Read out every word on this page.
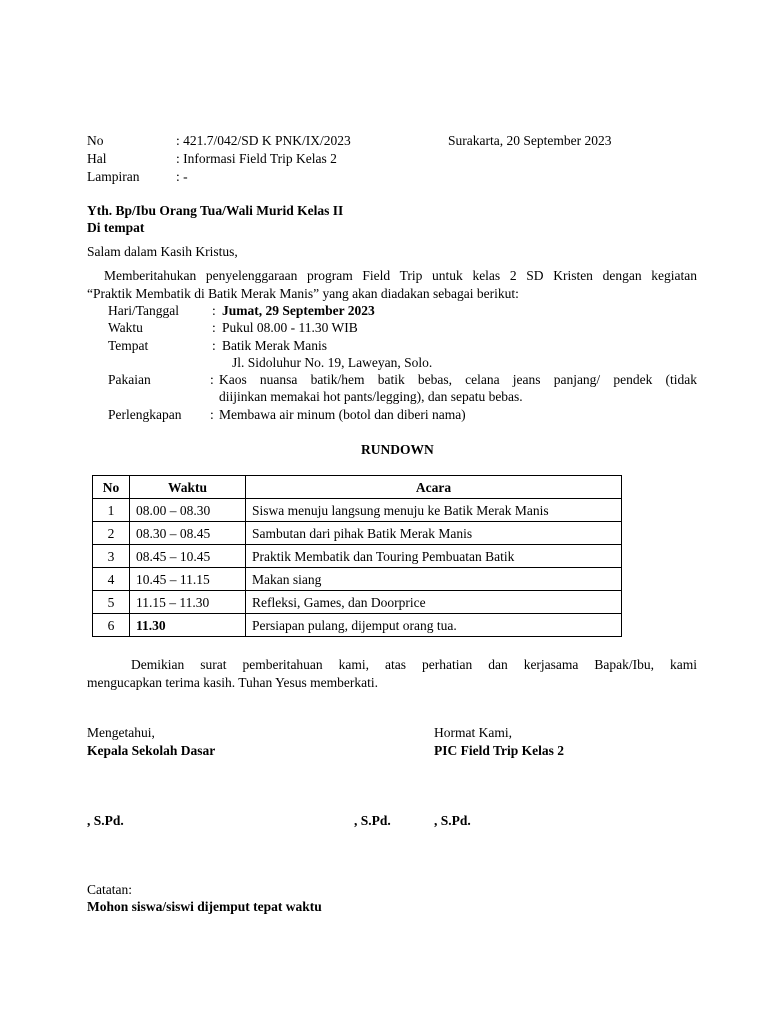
No	: 421.7/042/SD K PNK/IX/2023	Surakarta, 20 September 2023
Hal	: Informasi Field Trip Kelas 2
Lampiran	: -
Yth. Bp/Ibu Orang Tua/Wali Murid Kelas II
Di tempat
Salam dalam Kasih Kristus,
Memberitahukan penyelenggaraan program Field Trip untuk kelas 2 SD Kristen dengan kegiatan
“Praktik Membatik di Batik Merak Manis” yang akan diadakan sebagai berikut:
Hari/Tanggal : Jumat, 29 September 2023
Waktu	: Pukul 08.00 - 11.30 WIB
Tempat	: Batik Merak Manis
Jl. Sidoluhur No. 19, Laweyan, Solo.
Pakaian	: Kaos nuansa batik/hem batik bebas, celana jeans panjang/ pendek (tidak
diijinkan memakai hot pants/legging), dan sepatu bebas.
Perlengkapan : Membawa air minum (botol dan diberi nama)
RUNDOWN
No	Waktu	Acara
1	08.00 – 08.30	Siswa menuju langsung menuju ke Batik Merak Manis
2	08.30 – 08.45	Sambutan dari pihak Batik Merak Manis
3	08.45 – 10.45	Praktik Membatik dan Touring Pembuatan Batik
4	10.45 – 11.15	Makan siang
5	11.15 – 11.30	Refleksi, Games, dan Doorprice
6	11.30	Persiapan pulang, dijemput orang tua.
Demikian surat pemberitahuan kami, atas perhatian dan kerjasama Bapak/Ibu, kami
mengucapkan terima kasih. Tuhan Yesus memberkati.
Mengetahui,
Kepala Sekolah Dasar
Hormat Kami,
PIC Field Trip Kelas 2
, S.Pd.	, S.Pd.	, S.Pd.
Catatan:
Mohon siswa/siswi dijemput tepat waktu
